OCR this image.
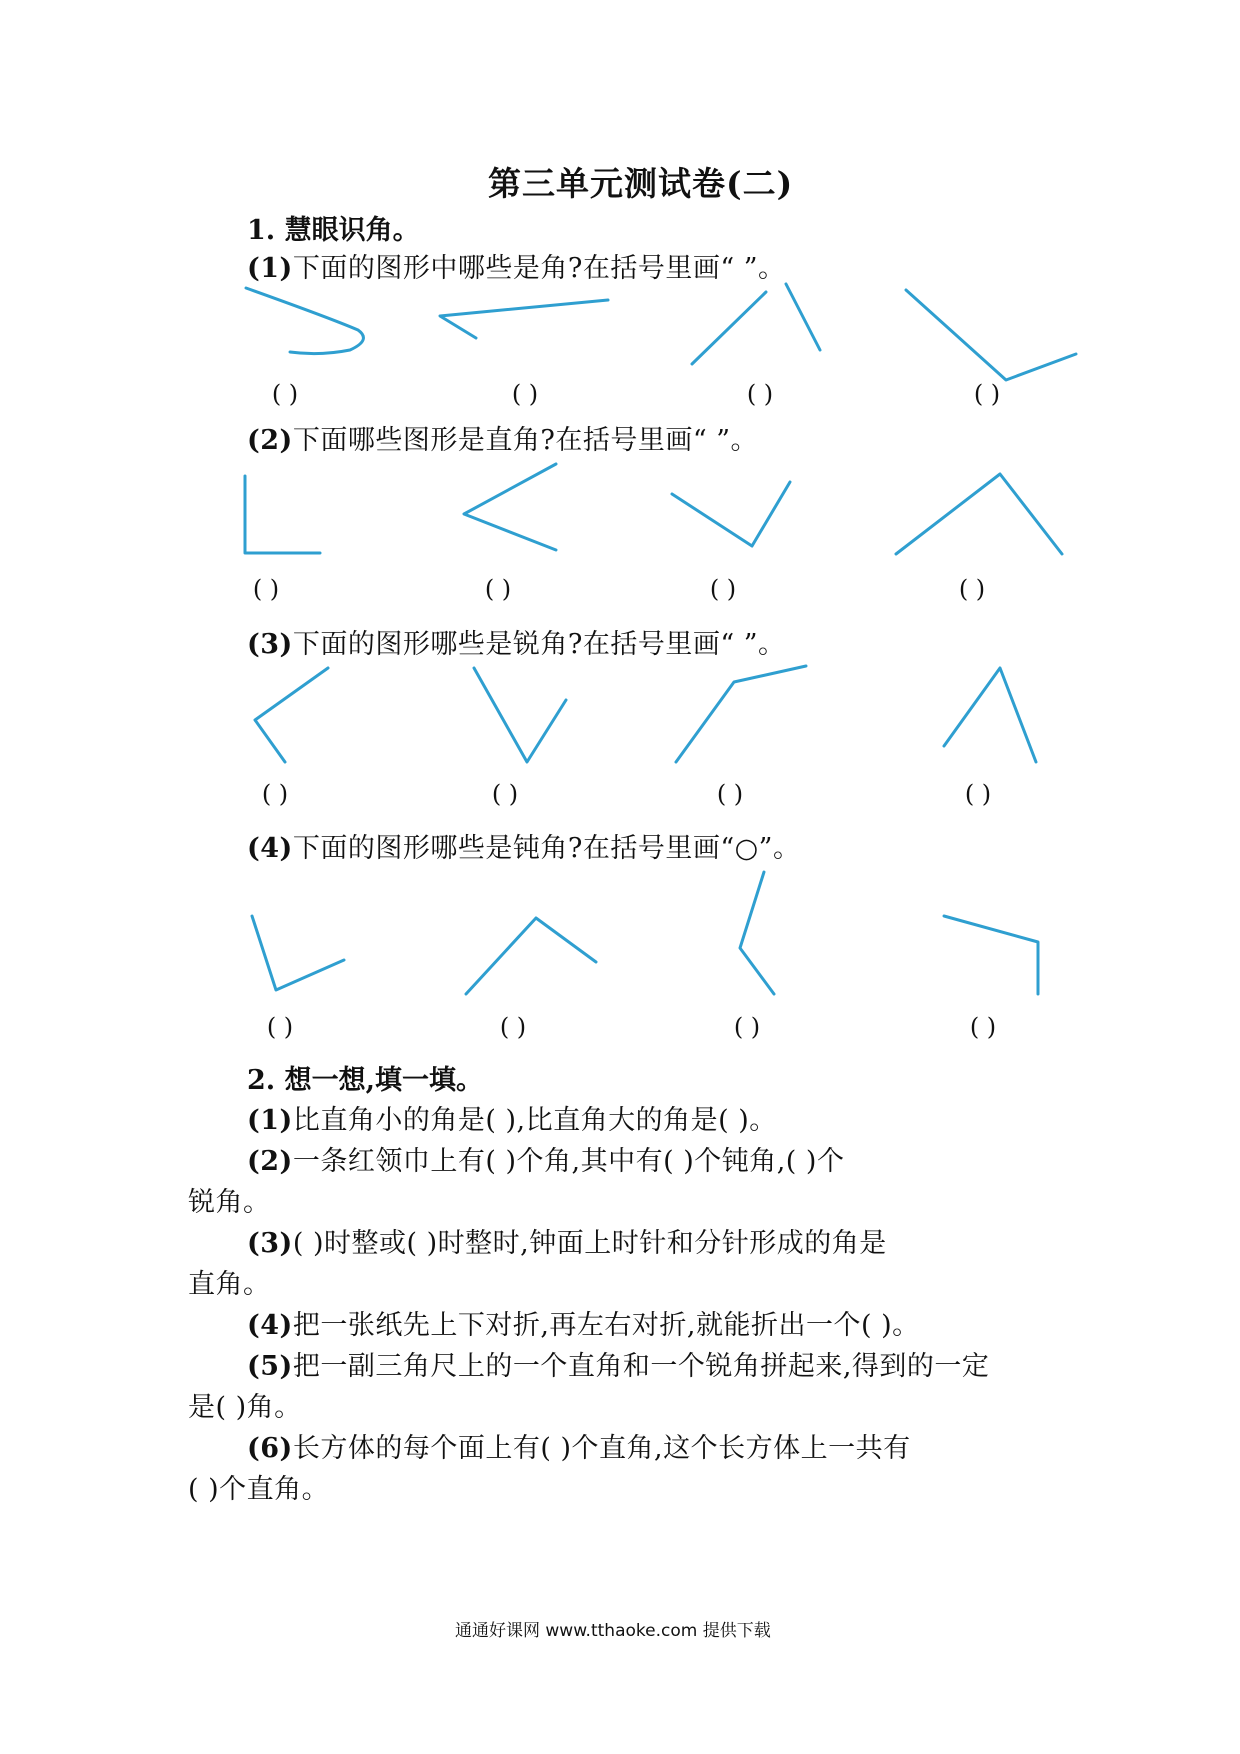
第三单元测试卷(二)
1. 慧眼识角。
(1)下面的图形中哪些是角?在括号里画“ ”。
( )	( )	( )	( )
(2)下面哪些图形是直角?在括号里画“ ”。
( )	( )	( )	( )
(3)下面的图形哪些是锐角?在括号里画“ ”。
( )	( )	( )	( )
(4)下面的图形哪些是钝角?在括号里画“○”。
( )	( )	( )	( )
2. 想一想,填一填。
(1)比直角小的角是( ),比直角大的角是( )。
(2)一条红领巾上有( )个角,其中有( )个钝角,( )个
锐角。
(3)( )时整或( )时整时,钟面上时针和分针形成的角是
直角。
(4)把一张纸先上下对折,再左右对折,就能折出一个( )。
(5)把一副三角尺上的一个直角和一个锐角拼起来,得到的一定
是( )角。
(6)长方体的每个面上有( )个直角,这个长方体上一共有
( )个直角。
通通好课网 www.tthaoke.com 提供下载
